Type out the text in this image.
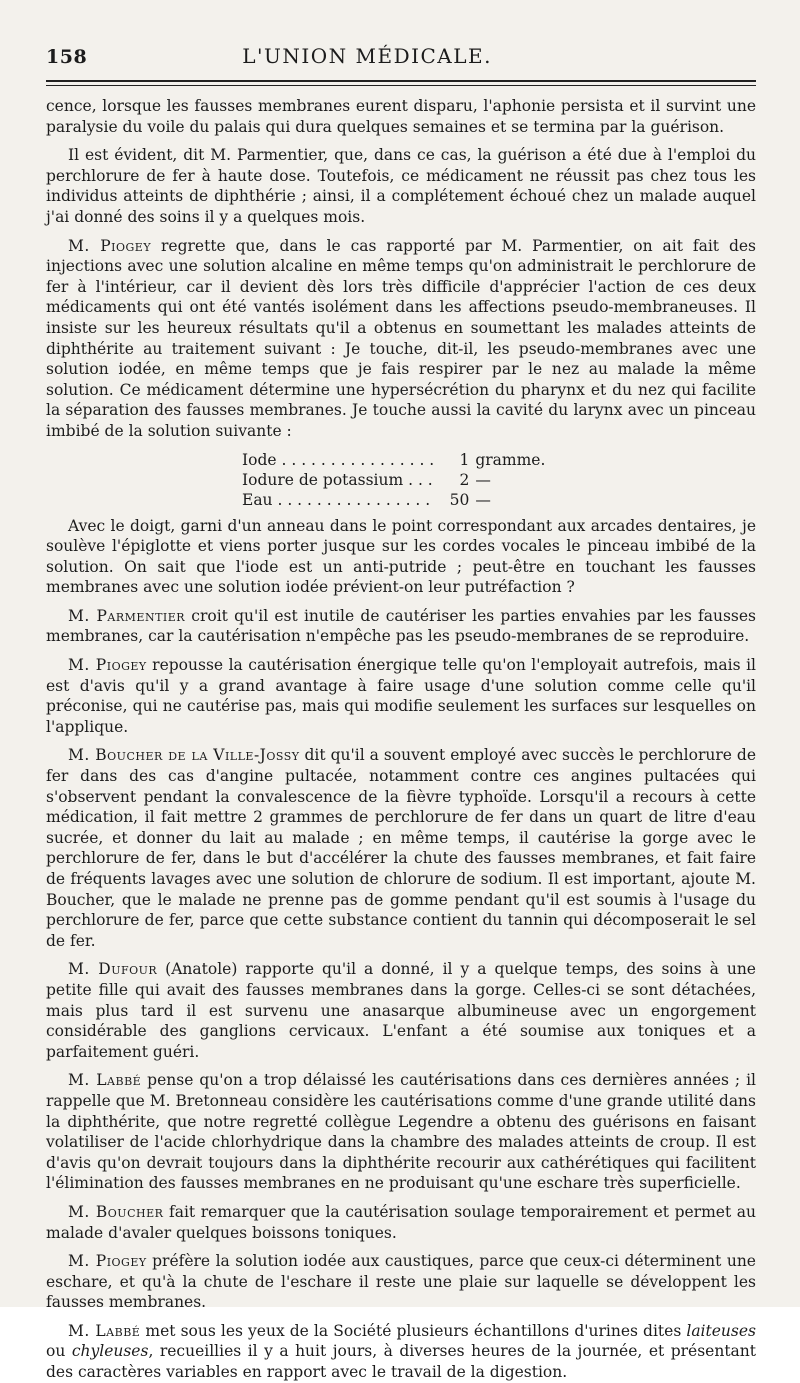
158	L'UNION MÉDICALE.

cence, lorsque les fausses membranes eurent disparu, l'aphonie persista et il survint une paralysie du voile du palais qui dura quelques semaines et se termina par la guérison.

Il est évident, dit M. Parmentier, que, dans ce cas, la guérison a été due à l'emploi du perchlorure de fer à haute dose. Toutefois, ce médicament ne réussit pas chez tous les individus atteints de diphthérie ; ainsi, il a complétement échoué chez un malade auquel j'ai donné des soins il y a quelques mois.

M. Piogey regrette que, dans le cas rapporté par M. Parmentier, on ait fait des injections avec une solution alcaline en même temps qu'on administrait le perchlorure de fer à l'intérieur, car il devient dès lors très difficile d'apprécier l'action de ces deux médicaments qui ont été vantés isolément dans les affections pseudo-membraneuses. Il insiste sur les heureux résultats qu'il a obtenus en soumettant les malades atteints de diphthérite au traitement suivant : Je touche, dit-il, les pseudo-membranes avec une solution iodée, en même temps que je fais respirer par le nez au malade la même solution. Ce médicament détermine une hypersécrétion du pharynx et du nez qui facilite la séparation des fausses membranes. Je touche aussi la cavité du larynx avec un pinceau imbibé de la solution suivante :

Iode . . .	1 gramme.
Iodure de potassium . . .	2 —
Eau . . .	50 —

Avec le doigt, garni d'un anneau dans le point correspondant aux arcades dentaires, je soulève l'épiglotte et viens porter jusque sur les cordes vocales le pinceau imbibé de la solution. On sait que l'iode est un anti-putride ; peut-être en touchant les fausses membranes avec une solution iodée prévient-on leur putréfaction ?

M. Parmentier croit qu'il est inutile de cautériser les parties envahies par les fausses membranes, car la cautérisation n'empêche pas les pseudo-membranes de se reproduire.

M. Piogey repousse la cautérisation énergique telle qu'on l'employait autrefois, mais il est d'avis qu'il y a grand avantage à faire usage d'une solution comme celle qu'il préconise, qui ne cautérise pas, mais qui modifie seulement les surfaces sur lesquelles on l'applique.

M. Boucher de la Ville-Jossy dit qu'il a souvent employé avec succès le perchlorure de fer dans des cas d'angine pultacée, notamment contre ces angines pultacées qui s'observent pendant la convalescence de la fièvre typhoïde. Lorsqu'il a recours à cette médication, il fait mettre 2 grammes de perchlorure de fer dans un quart de litre d'eau sucrée, et donner du lait au malade ; en même temps, il cautérise la gorge avec le perchlorure de fer, dans le but d'accélérer la chute des fausses membranes, et fait faire de fréquents lavages avec une solution de chlorure de sodium. Il est important, ajoute M. Boucher, que le malade ne prenne pas de gomme pendant qu'il est soumis à l'usage du perchlorure de fer, parce que cette substance contient du tannin qui décomposerait le sel de fer.

M. Dufour (Anatole) rapporte qu'il a donné, il y a quelque temps, des soins à une petite fille qui avait des fausses membranes dans la gorge. Celles-ci se sont détachées, mais plus tard il est survenu une anasarque albumineuse avec un engorgement considérable des ganglions cervicaux. L'enfant a été soumise aux toniques et a parfaitement guéri.

M. Labbé pense qu'on a trop délaissé les cautérisations dans ces dernières années ; il rappelle que M. Bretonneau considère les cautérisations comme d'une grande utilité dans la diphthérite, que notre regretté collègue Legendre a obtenu des guérisons en faisant volatiliser de l'acide chlorhydrique dans la chambre des malades atteints de croup. Il est d'avis qu'on devrait toujours dans la diphthérite recourir aux cathérétiques qui facilitent l'élimination des fausses membranes en ne produisant qu'une eschare très superficielle.

M. Boucher fait remarquer que la cautérisation soulage temporairement et permet au malade d'avaler quelques boissons toniques.

M. Piogey préfère la solution iodée aux caustiques, parce que ceux-ci déterminent une eschare, et qu'à la chute de l'eschare il reste une plaie sur laquelle se développent les fausses membranes.

M. Labbé met sous les yeux de la Société plusieurs échantillons d'urines dites laiteuses ou chyleuses, recueillies il y a huit jours, à diverses heures de la journée, et présentant des caractères variables en rapport avec le travail de la digestion.
